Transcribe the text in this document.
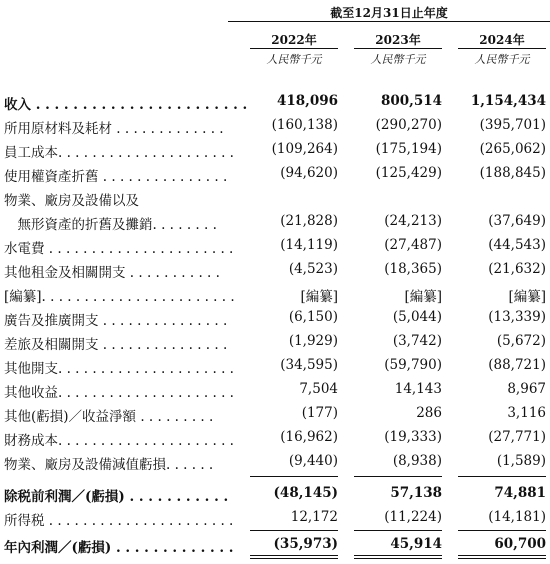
截至12月31日止年度
2022年	2023年	2024年
人民幣千元	人民幣千元	人民幣千元
收入 . . . . . . . . . . . . . . . . . . . . . . .	418,096	800,514	1,154,434
所用原材料及耗材 . . . . . . . . . . . . .	(160,138)	(290,270)	(395,701)
員工成本. . . . . . . . . . . . . . . . . . . . .	(109,264)	(175,194)	(265,062)
使用權資產折舊 . . . . . . . . . . . . . . .	(94,620)	(125,429)	(188,845)
物業、廠房及設備以及
　無形資產的折舊及攤銷. . . . . . . .	(21,828)	(24,213)	(37,649)
水電費 . . . . . . . . . . . . . . . . . . . . . .	(14,119)	(27,487)	(44,543)
其他租金及相關開支 . . . . . . . . . . .	(4,523)	(18,365)	(21,632)
[編纂]. . . . . . . . . . . . . . . . . . . . . . .	[編纂]	[編纂]	[編纂]
廣告及推廣開支 . . . . . . . . . . . . . . .	(6,150)	(5,044)	(13,339)
差旅及相關開支 . . . . . . . . . . . . . . .	(1,929)	(3,742)	(5,672)
其他開支. . . . . . . . . . . . . . . . . . . . .	(34,595)	(59,790)	(88,721)
其他收益. . . . . . . . . . . . . . . . . . . . .	7,504	14,143	8,967
其他(虧損)／收益淨額 . . . . . . . . .	(177)	286	3,116
財務成本. . . . . . . . . . . . . . . . . . . . .	(16,962)	(19,333)	(27,771)
物業、廠房及設備減值虧損. . . . . .	(9,440)	(8,938)	(1,589)
除税前利潤／(虧損) . . . . . . . . . . .	(48,145)	57,138	74,881
所得税 . . . . . . . . . . . . . . . . . . . . . .	12,172	(11,224)	(14,181)
年內利潤／(虧損) . . . . . . . . . . . . .	(35,973)	45,914	60,700
